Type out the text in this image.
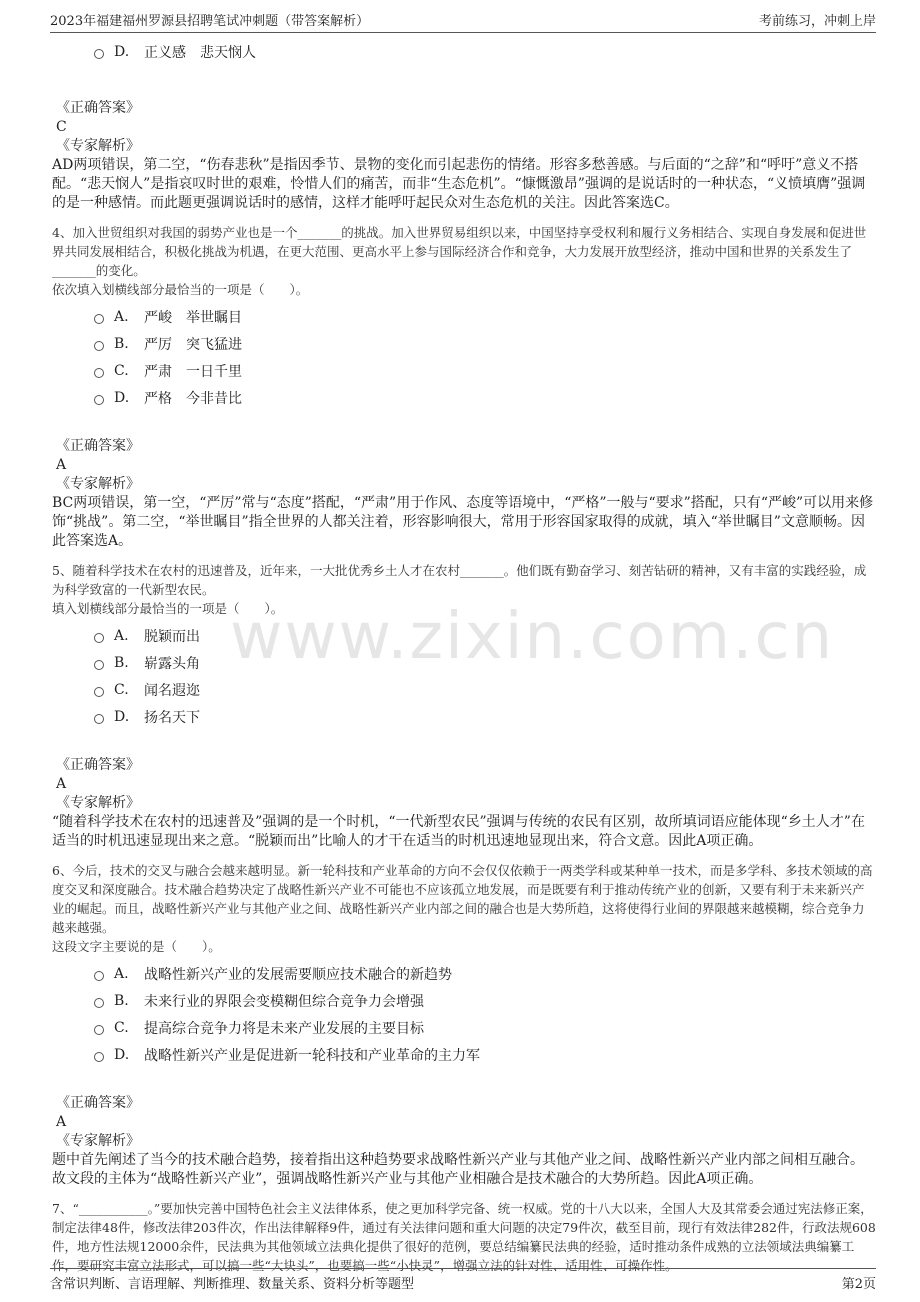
2023年福建福州罗源县招聘笔试冲刺题（带答案解析）	考前练习，冲刺上岸
www.zixin.com.cn
D.	正义感　悲天悯人
《正确答案》
C
《专家解析》
AD两项错误，第二空，“伤春悲秋”是指因季节、景物的变化而引起悲伤的情绪。形容多愁善感。与后面的“之辞”和“呼吁”意义不搭配。“悲天悯人”是指哀叹时世的艰难，怜惜人们的痛苦，而非“生态危机”。“慷慨激昂”强调的是说话时的一种状态，“义愤填膺”强调的是一种感情。而此题更强调说话时的感情，这样才能呼吁起民众对生态危机的关注。因此答案选C。
4、加入世贸组织对我国的弱势产业也是一个_______的挑战。加入世界贸易组织以来，中国坚持享受权利和履行义务相结合、实现自身发展和促进世界共同发展相结合，积极化挑战为机遇，在更大范围、更高水平上参与国际经济合作和竞争，大力发展开放型经济，推动中国和世界的关系发生了_______的变化。
依次填入划横线部分最恰当的一项是（　　）。
A.	严峻　举世瞩目
B.	严厉　突飞猛进
C.	严肃　一日千里
D.	严格　今非昔比
《正确答案》
A
《专家解析》
BC两项错误，第一空，“严厉”常与“态度”搭配，“严肃”用于作风、态度等语境中，“严格”一般与“要求”搭配，只有“严峻”可以用来修饰“挑战”。第二空，“举世瞩目”指全世界的人都关注着，形容影响很大，常用于形容国家取得的成就，填入“举世瞩目”文意顺畅。因此答案选A。
5、随着科学技术在农村的迅速普及，近年来，一大批优秀乡土人才在农村_______。他们既有勤奋学习、刻苦钻研的精神，又有丰富的实践经验，成为科学致富的一代新型农民。
填入划横线部分最恰当的一项是（　　）。
A.	脱颖而出
B.	崭露头角
C.	闻名遐迩
D.	扬名天下
《正确答案》
A
《专家解析》
“随着科学技术在农村的迅速普及”强调的是一个时机，“一代新型农民”强调与传统的农民有区别，故所填词语应能体现“乡土人才”在适当的时机迅速显现出来之意。“脱颖而出”比喻人的才干在适当的时机迅速地显现出来，符合文意。因此A项正确。
6、今后，技术的交叉与融合会越来越明显。新一轮科技和产业革命的方向不会仅仅依赖于一两类学科或某种单一技术，而是多学科、多技术领域的高度交叉和深度融合。技术融合趋势决定了战略性新兴产业不可能也不应该孤立地发展，而是既要有利于推动传统产业的创新，又要有利于未来新兴产业的崛起。而且，战略性新兴产业与其他产业之间、战略性新兴产业内部之间的融合也是大势所趋，这将使得行业间的界限越来越模糊，综合竞争力越来越强。
这段文字主要说的是（　　）。
A.	战略性新兴产业的发展需要顺应技术融合的新趋势
B.	未来行业的界限会变模糊但综合竞争力会增强
C.	提高综合竞争力将是未来产业发展的主要目标
D.	战略性新兴产业是促进新一轮科技和产业革命的主力军
《正确答案》
A
《专家解析》
题中首先阐述了当今的技术融合趋势，接着指出这种趋势要求战略性新兴产业与其他产业之间、战略性新兴产业内部之间相互融合。故文段的主体为“战略性新兴产业”，强调战略性新兴产业与其他产业相融合是技术融合的大势所趋。因此A项正确。
7、“___________。”要加快完善中国特色社会主义法律体系，使之更加科学完备、统一权威。党的十八大以来，全国人大及其常委会通过宪法修正案，制定法律48件，修改法律203件次，作出法律解释9件，通过有关法律问题和重大问题的决定79件次，截至目前，现行有效法律282件，行政法规608件，地方性法规12000余件，民法典为其他领域立法典化提供了很好的范例，要总结编纂民法典的经验，适时推动条件成熟的立法领域法典编纂工作，要研究丰富立法形式，可以搞一些“大块头”，也要搞一些“小快灵”，增强立法的针对性、适用性、可操作性。
含常识判断、言语理解、判断推理、数量关系、资料分析等题型	第2页
